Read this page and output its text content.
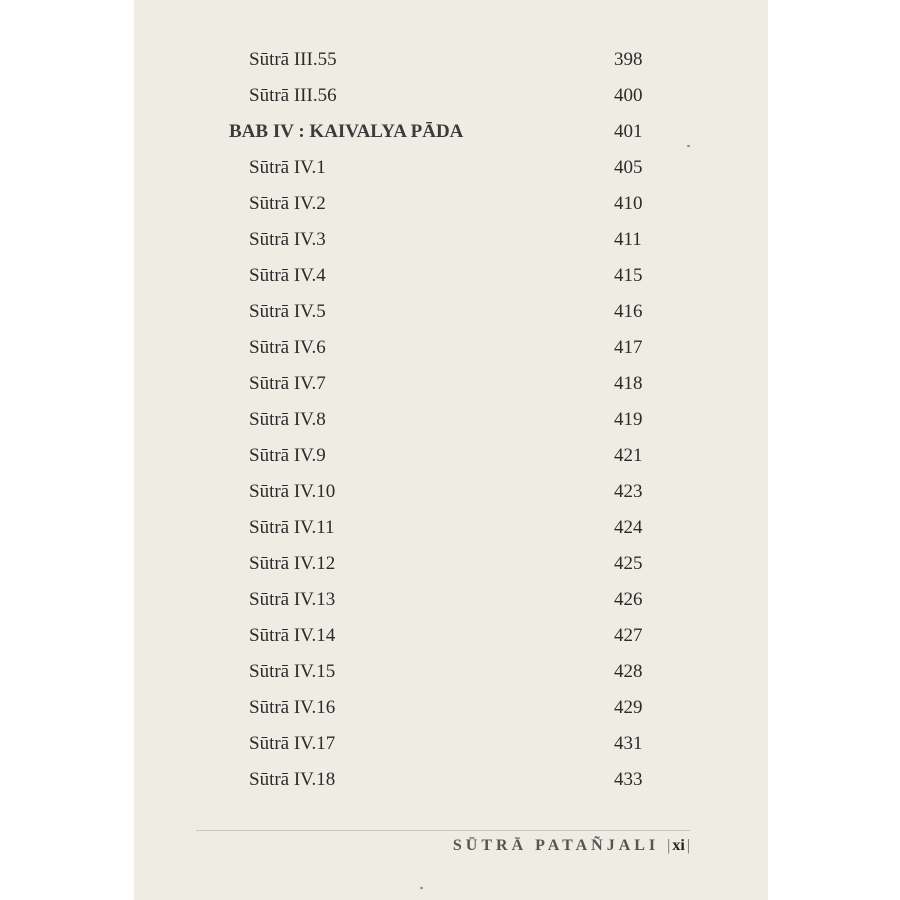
Sūtrā III.55	398
Sūtrā III.56	400
BAB IV : KAIVALYA PĀDA	401
Sūtrā IV.1	405
Sūtrā IV.2	410
Sūtrā IV.3	411
Sūtrā IV.4	415
Sūtrā IV.5	416
Sūtrā IV.6	417
Sūtrā IV.7	418
Sūtrā IV.8	419
Sūtrā IV.9	421
Sūtrā IV.10	423
Sūtrā IV.11	424
Sūtrā IV.12	425
Sūtrā IV.13	426
Sūtrā IV.14	427
Sūtrā IV.15	428
Sūtrā IV.16	429
Sūtrā IV.17	431
Sūtrā IV.18	433
SŪTRĀ PATAÑJALI | xi |
